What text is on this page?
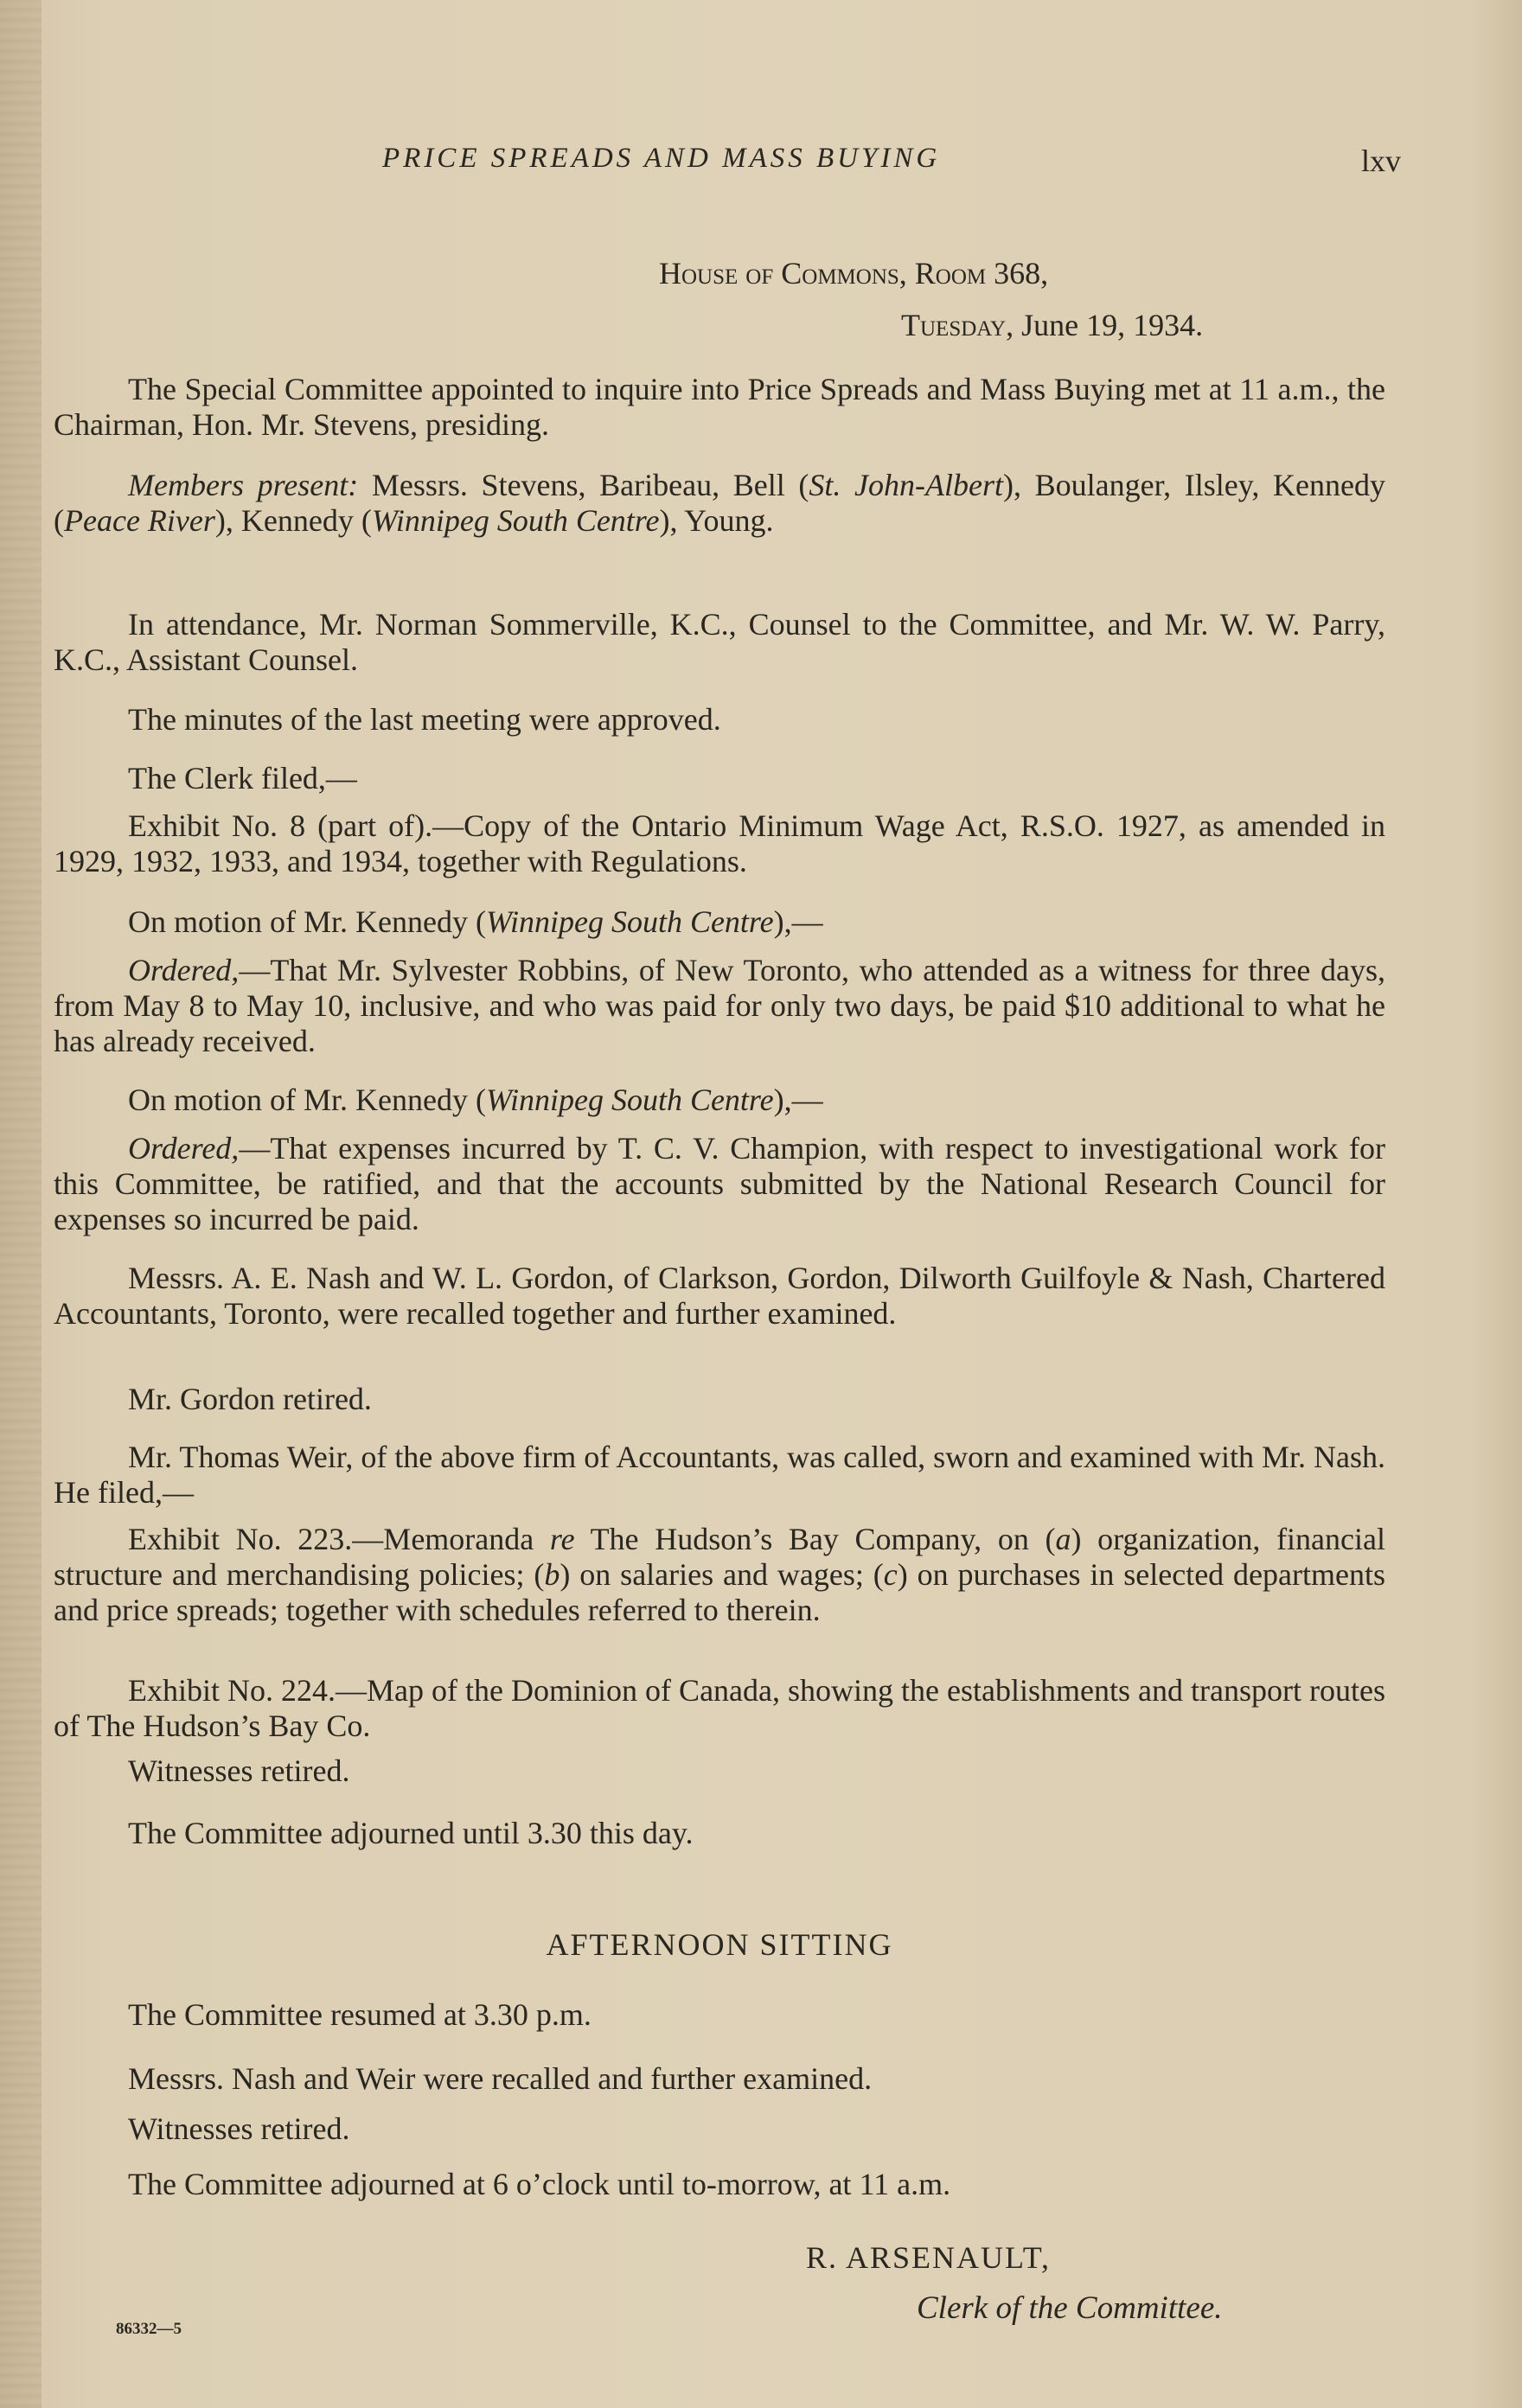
PRICE SPREADS AND MASS BUYING	lxv
House of Commons, Room 368,
Tuesday, June 19, 1934.
The Special Committee appointed to inquire into Price Spreads and Mass Buying met at 11 a.m., the Chairman, Hon. Mr. Stevens, presiding.
Members present: Messrs. Stevens, Baribeau, Bell (St. John-Albert), Boulanger, Ilsley, Kennedy (Peace River), Kennedy (Winnipeg South Centre), Young.
In attendance, Mr. Norman Sommerville, K.C., Counsel to the Committee, and Mr. W. W. Parry, K.C., Assistant Counsel.
The minutes of the last meeting were approved.
The Clerk filed,—
Exhibit No. 8 (part of).—Copy of the Ontario Minimum Wage Act, R.S.O. 1927, as amended in 1929, 1932, 1933, and 1934, together with Regulations.
On motion of Mr. Kennedy (Winnipeg South Centre),—
Ordered,—That Mr. Sylvester Robbins, of New Toronto, who attended as a witness for three days, from May 8 to May 10, inclusive, and who was paid for only two days, be paid $10 additional to what he has already received.
On motion of Mr. Kennedy (Winnipeg South Centre),—
Ordered,—That expenses incurred by T. C. V. Champion, with respect to investigational work for this Committee, be ratified, and that the accounts submitted by the National Research Council for expenses so incurred be paid.
Messrs. A. E. Nash and W. L. Gordon, of Clarkson, Gordon, Dilworth Guilfoyle & Nash, Chartered Accountants, Toronto, were recalled together and further examined.
Mr. Gordon retired.
Mr. Thomas Weir, of the above firm of Accountants, was called, sworn and examined with Mr. Nash. He filed,—
Exhibit No. 223.—Memoranda re The Hudson’s Bay Company, on (a) organization, financial structure and merchandising policies; (b) on salaries and wages; (c) on purchases in selected departments and price spreads; together with schedules referred to therein.
Exhibit No. 224.—Map of the Dominion of Canada, showing the establishments and transport routes of The Hudson’s Bay Co.
Witnesses retired.
The Committee adjourned until 3.30 this day.
AFTERNOON SITTING
The Committee resumed at 3.30 p.m.
Messrs. Nash and Weir were recalled and further examined.
Witnesses retired.
The Committee adjourned at 6 o’clock until to-morrow, at 11 a.m.
R. ARSENAULT,
Clerk of the Committee.
86332—5
